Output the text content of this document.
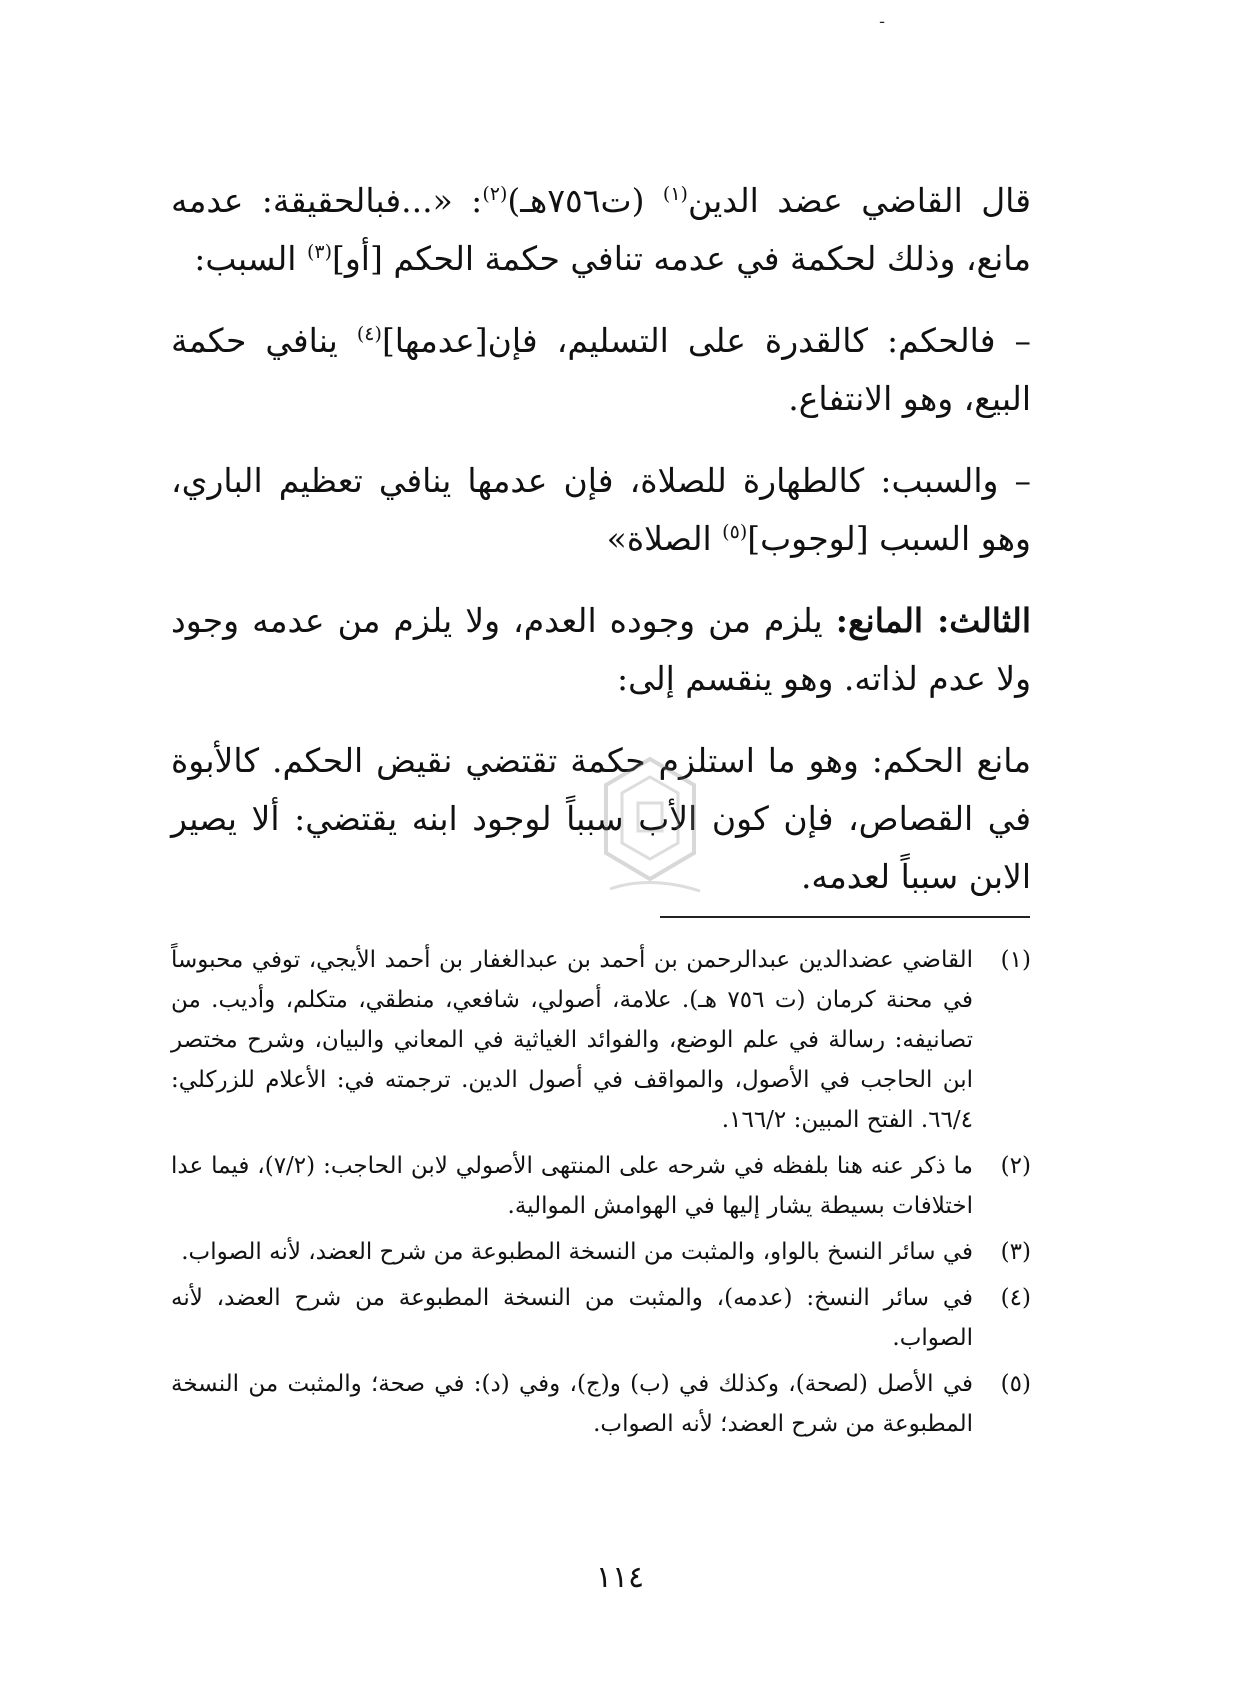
ـ

قال القاضي عضد الدين$^{(١)}$ (ت٧٥٦هـ)$^{(٢)}$: «...فبالحقيقة: عدمه مانع، وذلك لحكمة في عدمه تنافي حكمة الحكم [أو]$^{(٣)}$ السبب:

– فالحكم: كالقدرة على التسليم، فإن[عدمها]$^{(٤)}$ ينافي حكمة البيع، وهو الانتفاع.

– والسبب: كالطهارة للصلاة، فإن عدمها ينافي تعظيم الباري، وهو السبب [لوجوب]$^{(٥)}$ الصلاة»

الثالث: المانع: يلزم من وجوده العدم، ولا يلزم من عدمه وجود ولا عدم لذاته. وهو ينقسم إلى:

مانع الحكم: وهو ما استلزم حكمة تقتضي نقيض الحكم. كالأبوة في القصاص، فإن كون الأب سبباً لوجود ابنه يقتضي: ألا يصير الابن سبباً لعدمه.

(١)
القاضي عضدالدين عبدالرحمن بن أحمد بن عبدالغفار بن أحمد الأيجي، توفي محبوساً في محنة كرمان (ت ٧٥٦ هـ). علامة، أصولي، شافعي، منطقي، متكلم، وأديب. من تصانيفه: رسالة في علم الوضع، والفوائد الغياثية في المعاني والبيان، وشرح مختصر ابن الحاجب في الأصول، والمواقف في أصول الدين. ترجمته في: الأعلام للزركلي: ٦٦/٤. الفتح المبين: ١٦٦/٢.
(٢)
ما ذكر عنه هنا بلفظه في شرحه على المنتهى الأصولي لابن الحاجب: (٧/٢)، فيما عدا اختلافات بسيطة يشار إليها في الهوامش الموالية.
(٣)
في سائر النسخ بالواو، والمثبت من النسخة المطبوعة من شرح العضد، لأنه الصواب.
(٤)
في سائر النسخ: (عدمه)، والمثبت من النسخة المطبوعة من شرح العضد، لأنه الصواب.
(٥)
في الأصل (لصحة)، وكذلك في (ب) و(ج)، وفي (د): في صحة؛ والمثبت من النسخة المطبوعة من شرح العضد؛ لأنه الصواب.
١١٤
